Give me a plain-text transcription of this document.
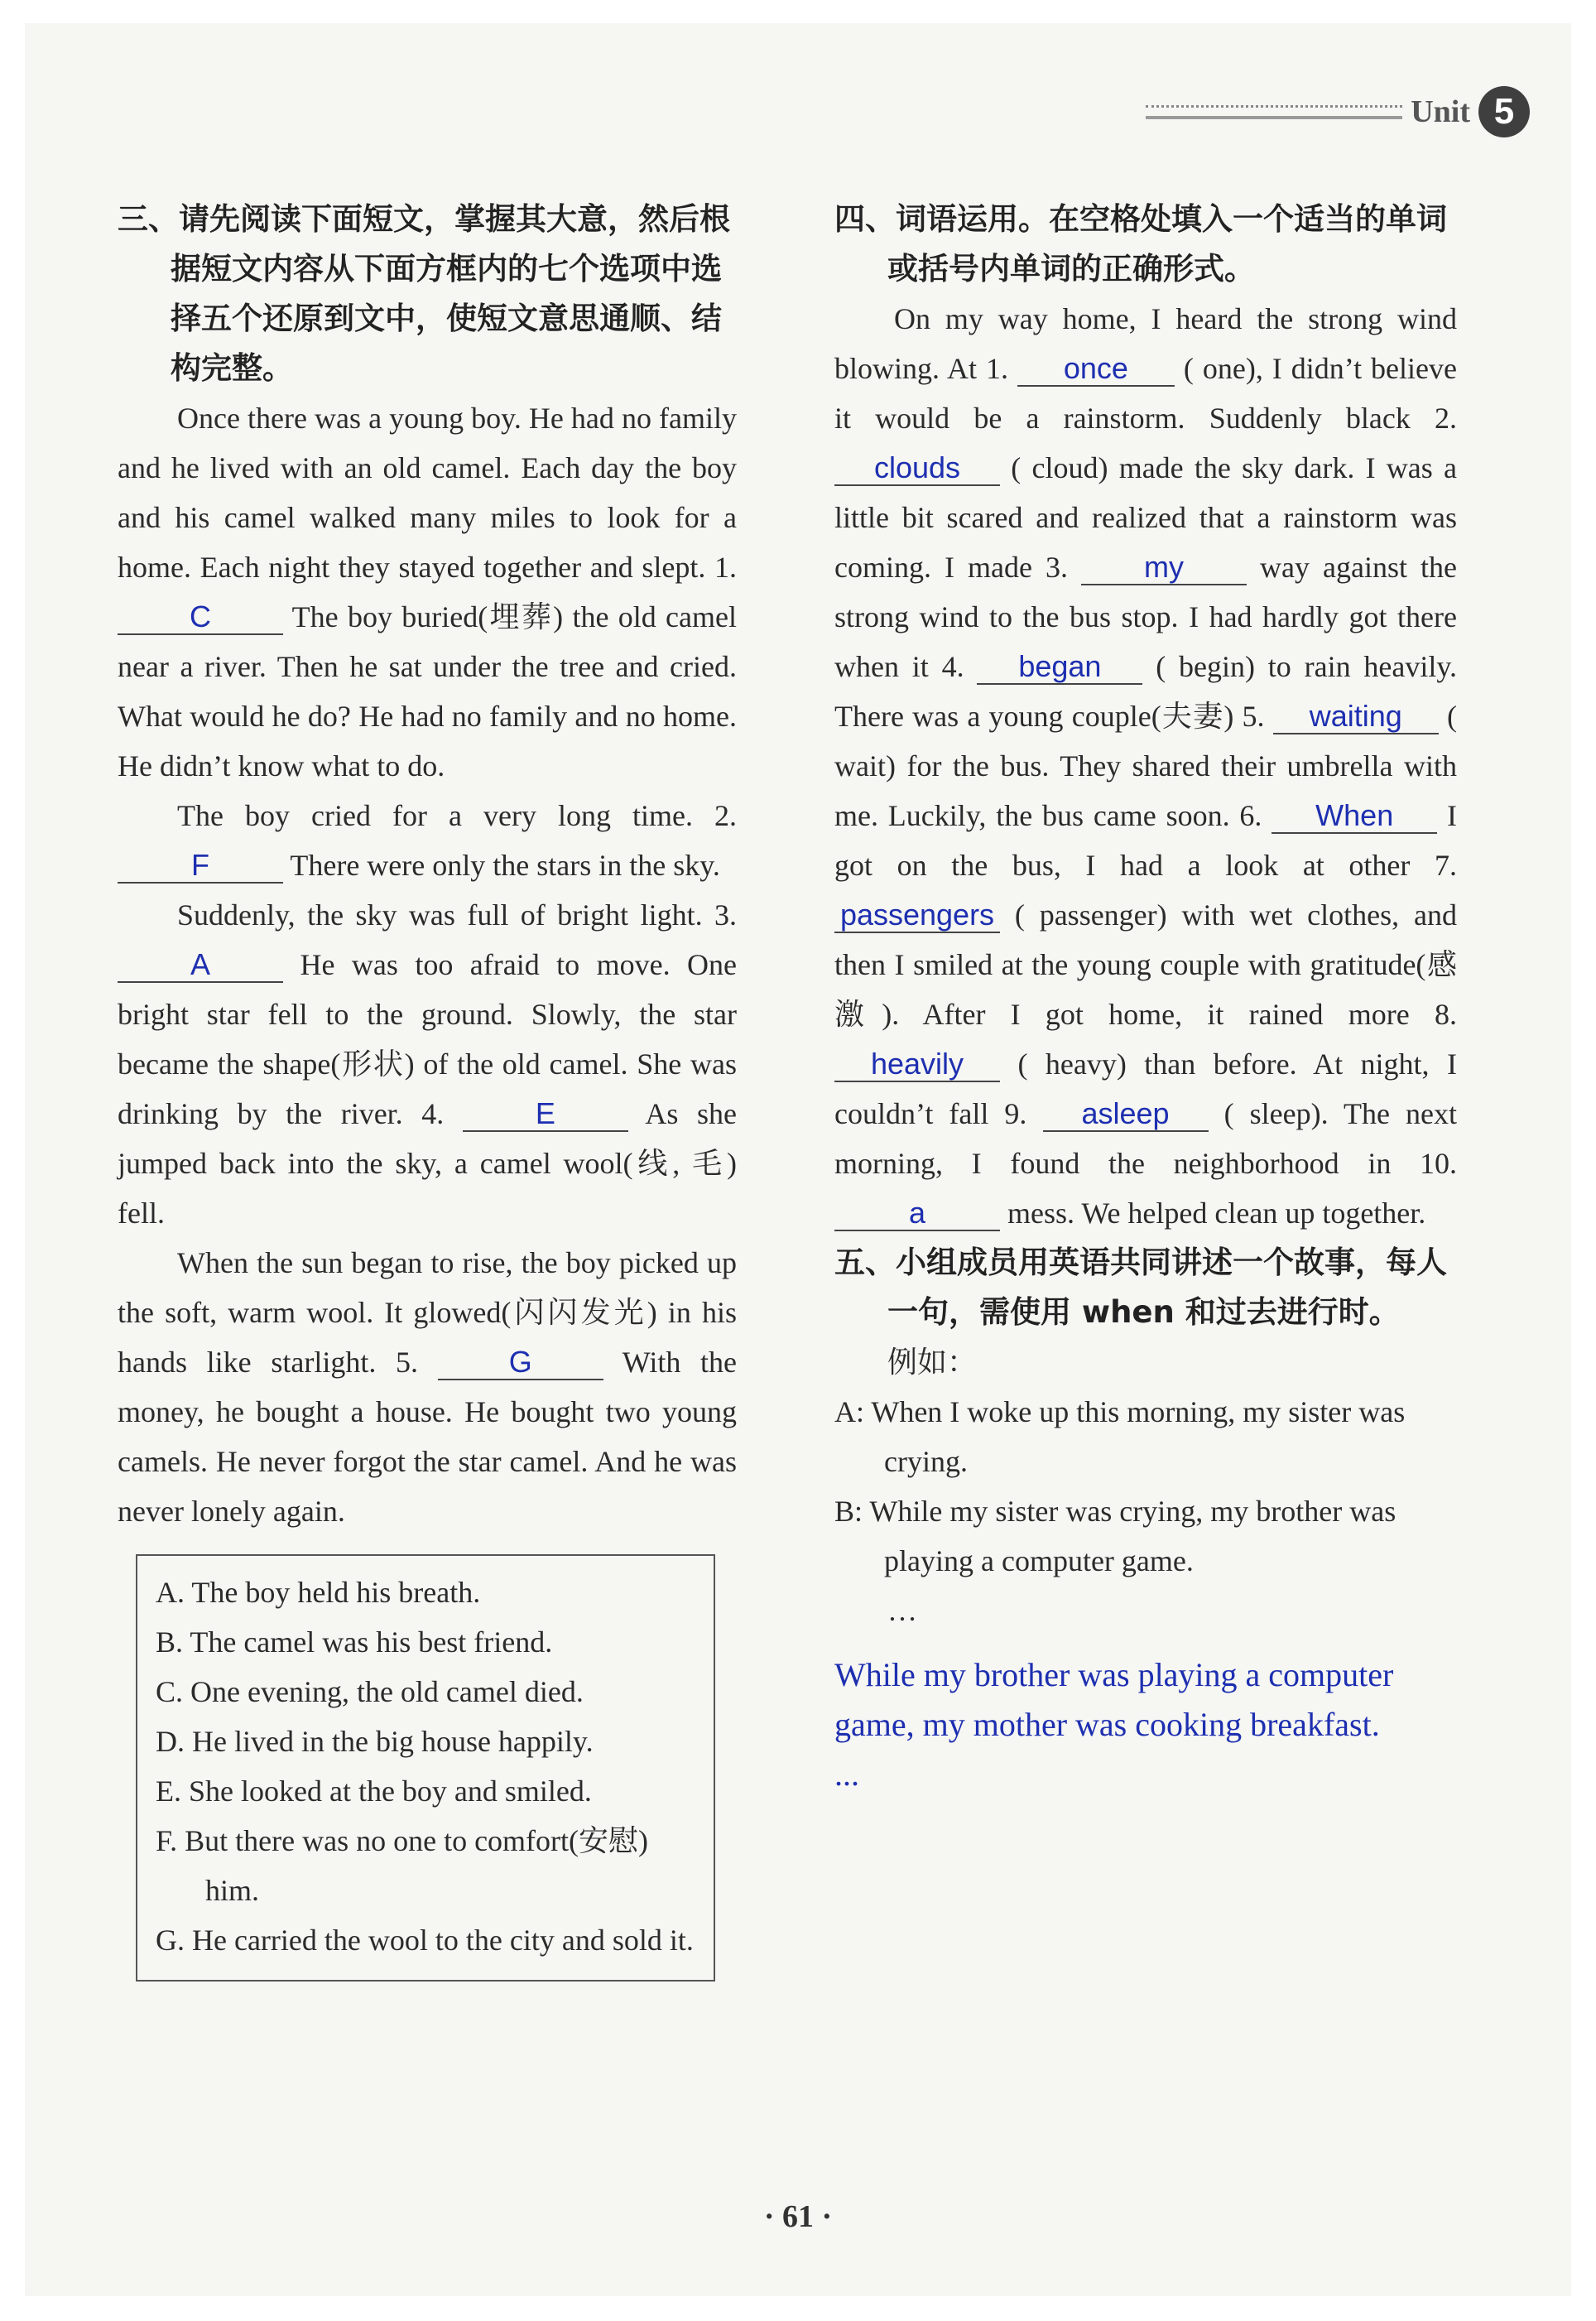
Unit 5

三、请先阅读下面短文，掌握其大意，然后根据短文内容从下面方框内的七个选项中选择五个还原到文中，使短文意思通顺、结构完整。

Once there was a young boy. He had no family and he lived with an old camel. Each day the boy and his camel walked many miles to look for a home. Each night they stayed together and slept. 1. C	The boy buried(埋葬) the old camel near a river. Then he sat under the tree and cried. What would he do? He had no family and no home. He didn’t know what to do.

The boy cried for a very long time. 2. F	There were only the stars in the sky.

Suddenly, the sky was full of bright light. 3. A	He was too afraid to move. One bright star fell to the ground. Slowly, the star became the shape(形状) of the old camel. She was drinking by the river. 4.	E	As she jumped back into the sky, a camel wool(线, 毛) fell.

When the sun began to rise, the boy picked up the soft, warm wool. It glowed(闪闪发光) in his hands like starlight. 5.	G	With the money, he bought a house. He bought two young camels. He never forgot the star camel. And he was never lonely again.

A. The boy held his breath.

B. The camel was his best friend.

C. One evening, the old camel died.

D. He lived in the big house happily.

E. She looked at the boy and smiled.

F. But there was no one to comfort(安慰) him.

G. He carried the wool to the city and sold it.

四、词语运用。在空格处填入一个适当的单词或括号内单词的正确形式。

On my way home, I heard the strong wind blowing. At 1. once ( one), I didn’t believe it would be a rainstorm. Suddenly black 2. clouds ( cloud) made the sky dark. I was a little bit scared and realized that a rainstorm was coming. I made 3.	my	way against the strong wind to the bus stop. I had hardly got there when it 4. began ( begin) to rain heavily. There was a young couple(夫妻) 5. waiting ( wait) for the bus. They shared their umbrella with me. Luckily, the bus came soon. 6. When I got on the bus, I had a look at other 7. passengers ( passenger) with wet clothes, and then I smiled at the young couple with gratitude(感激). After I got home, it rained more 8. heavily ( heavy) than before. At night, I couldn’t fall 9. asleep ( sleep). The next morning, I found the neighborhood in 10. a	mess. We helped clean up together.

五、小组成员用英语共同讲述一个故事，每人一句，需使用 when 和过去进行时。

例如：

A: When I woke up this morning, my sister was crying.

B: While my sister was crying, my brother was playing a computer game.

…

While my brother was playing a computer
game, my mother was cooking breakfast.
...
· 61 ·
